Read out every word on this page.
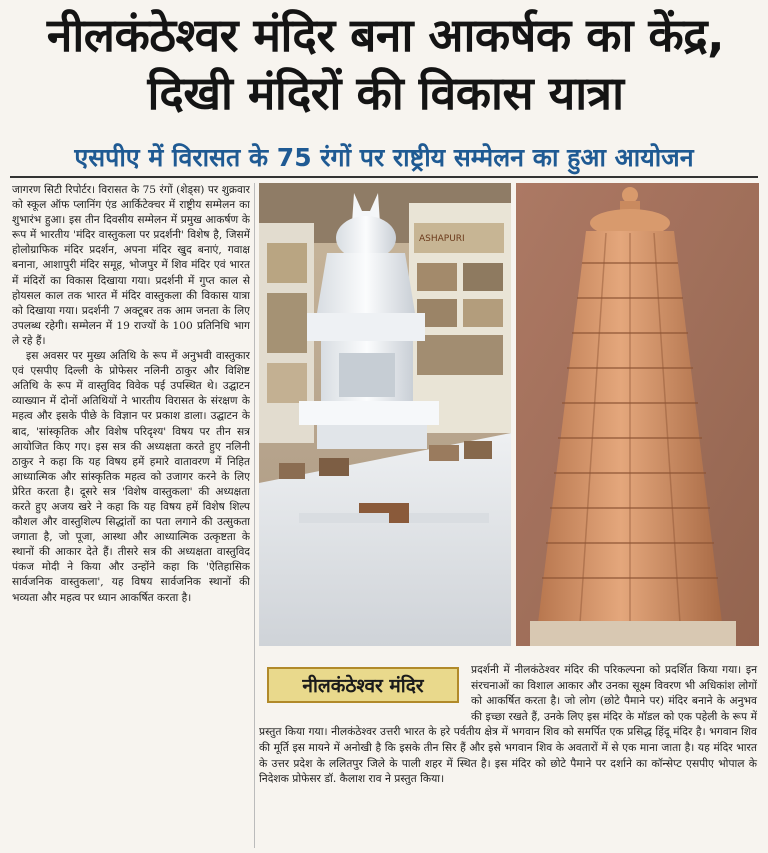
नीलकंठेश्वर मंदिर बना आकर्षक का केंद्र, दिखी मंदिरों की विकास यात्रा
एसपीए में विरासत के 75 रंगों पर राष्ट्रीय सम्मेलन का हुआ आयोजन

जागरण सिटी रिपोर्टर। विरासत के 75 रंगों (शेड्स) पर शुक्रवार को स्कूल ऑफ प्लानिंग एंड आर्किटेक्चर में राष्ट्रीय सम्मेलन का शुभारंभ हुआ। इस तीन दिवसीय सम्मेलन में प्रमुख आकर्षण के रूप में भारतीय 'मंदिर वास्तुकला पर प्रदर्शनी' विशेष है, जिसमें होलोग्राफिक मंदिर प्रदर्शन, अपना मंदिर खुद बनाएं, गवाक्ष बनाना, आशापुरी मंदिर समूह, भोजपुर में शिव मंदिर एवं भारत में मंदिरों का विकास दिखाया गया। प्रदर्शनी में गुप्त काल से होयसल काल तक भारत में मंदिर वास्तुकला की विकास यात्रा को दिखाया गया। प्रदर्शनी 7 अक्टूबर तक आम जनता के लिए उपलब्ध रहेगी। सम्मेलन में 19 राज्यों के 100 प्रतिनिधि भाग ले रहे हैं।

इस अवसर पर मुख्य अतिथि के रूप में अनुभवी वास्तुकार एवं एसपीए दिल्ली के प्रोफेसर नलिनी ठाकुर और विशिष्ट अतिथि के रूप में वास्तुविद विवेक पई उपस्थित थे। उद्घाटन व्याख्यान में दोनों अतिथियों ने भारतीय विरासत के संरक्षण के महत्व और इसके पीछे के विज्ञान पर प्रकाश डाला। उद्घाटन के बाद, 'सांस्कृतिक और विशेष परिदृश्य' विषय पर तीन सत्र आयोजित किए गए। इस सत्र की अध्यक्षता करते हुए नलिनी ठाकुर ने कहा कि यह विषय हमें हमारे वातावरण में निहित आध्यात्मिक और सांस्कृतिक महत्व को उजागर करने के लिए प्रेरित करता है। दूसरे सत्र 'विशेष वास्तुकला' की अध्यक्षता करते हुए अजय खरे ने कहा कि यह विषय हमें विशेष शिल्प कौशल और वास्तुशिल्प सिद्धांतों का पता लगाने की उत्सुकता जगाता है, जो पूजा, आस्था और आध्यात्मिक उत्कृष्टता के स्थानों की आकार देते हैं। तीसरे सत्र की अध्यक्षता वास्तुविद पंकज मोदी ने किया और उन्होंने कहा कि 'ऐतिहासिक सार्वजनिक वास्तुकला', यह विषय सार्वजनिक स्थानों की भव्यता और महत्व पर ध्यान आकर्षित करता है।

ASHAPURI
प्रदर्शनी में नीलकंठेश्वर मंदिर की परिकल्पना को प्रदर्शित किया गया। इन संरचनाओं का विशाल आकार और उनका सूक्ष्म विवरण भी अधिकांश लोगों को आकर्षित करता है। जो लोग (छोटे पैमाने पर) मंदिर बनाने के अनुभव की इच्छा रखते हैं, उनके लिए इस मंदिर के मॉडल को एक पहेली के रूप में प्रस्तुत किया गया। नीलकंठेश्वर उत्तरी भारत के हरे पर्वतीय क्षेत्र में भगवान शिव को समर्पित एक प्रसिद्ध हिंदू मंदिर है। भगवान शिव की मूर्ति इस मायने में अनोखी है कि इसके तीन सिर हैं और इसे भगवान शिव के अवतारों में से एक माना जाता है। यह मंदिर भारत के उत्तर प्रदेश के ललितपुर जिले के पाली शहर में स्थित है। इस मंदिर को छोटे पैमाने पर दर्शाने का कॉन्सेप्ट एसपीए भोपाल के निदेशक प्रोफेसर डॉ. कैलाश राव ने प्रस्तुत किया।
नीलकंठेश्वर मंदिर
